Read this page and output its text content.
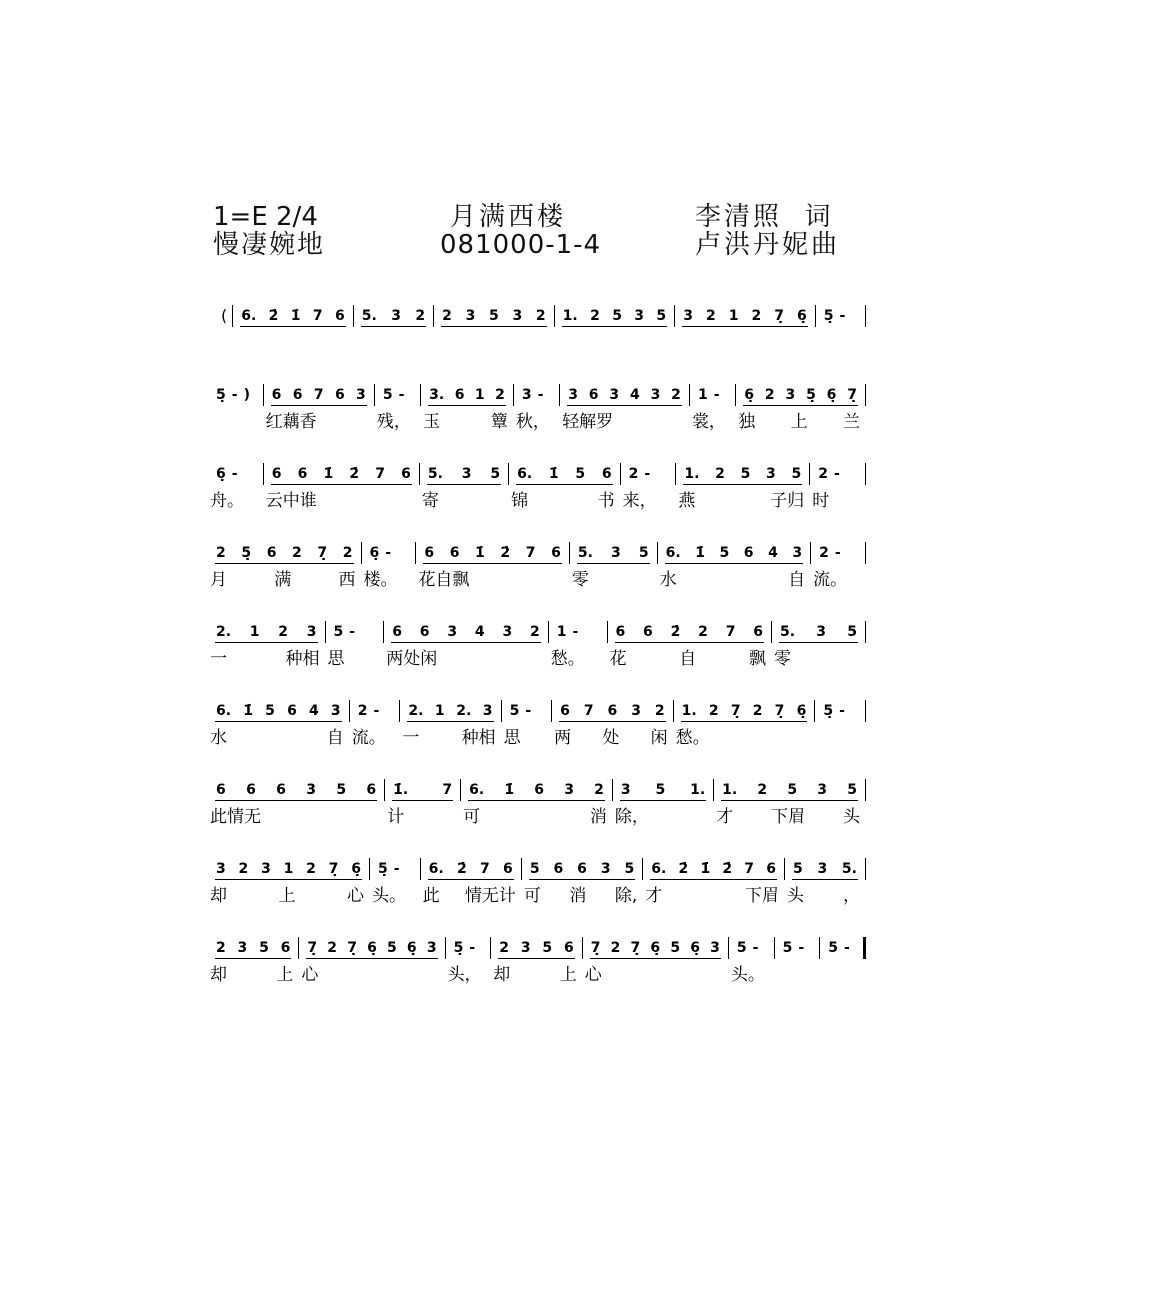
1=E 2/4
慢凄婉地
月满西楼
081000-1-4
李清照  词
卢洪丹妮曲
(	6. 2̇ 1̇ 7 6 5. 3 2 2 3 5 3 2 1. 2 5 3 5 3 2 1 2 7̣ 6̣ 5̣ -
5̣ - ) 6 6 7 6 3
红藕香
5 -
残，
3. 6 1 2
玉	簟
3 -
秋，
3 6 3 4 3 2
轻解罗
1 -
裳，
6̣ 2 3 5̣ 6̣ 7̣
独 上 兰
6̣ -
舟。
6 6 1̇ 2̇ 7 6
云中谁
5. 3 5
寄
6. 1̇ 5 6
锦	书
2 -
来，
1. 2 5 3 5
燕	子归
2 -
时
2 5̣ 6 2 7̣ 2
月	满	西
6̣ -
楼。
6 6 1̇ 2̇ 7 6
花自飘
5. 3 5
零
6. 1̇ 5 6 4 3
水	自
2 -
流。
2. 1 2 3
一	种相
5 -
思
6 6 3 4 3 2
两处闲
1 -
愁。
6 6 2̇ 2 7 6
花	自	飘
5. 3 5
零
6. 1̇ 5 6 4 3
水	自
2 -
流。
2. 1 2. 3
一 种相
5 -
思
6 7 6 3 2
两 处 闲
1. 2 7̣ 2 7̣ 6̣
愁。
5̣ -
6 6 6 3 5 6
此情无
1̇. 7
计
6. 1̇ 6 3 2
可	消
3 5 1.
除，
1. 2 5 3 5
才 下眉 头
3 2 3 1 2 7̣ 6̣
却	上	心
5̣ -
头。
6. 2̇ 7 6
此 情无计
5 6 6 3 5
可 消 除,
6. 2̇ 1̇ 2̇ 7 6
才	下眉
5 3 5.
头 ，
2 3 5 6
却	上
7̣ 2 7̣ 6̣ 5 6̣ 3
心
5̣ -
头，
2 3 5 6
却	上
7̣ 2 7̣ 6̣ 5 6̣ 3
心
5 -
头。
5 - 5 -
